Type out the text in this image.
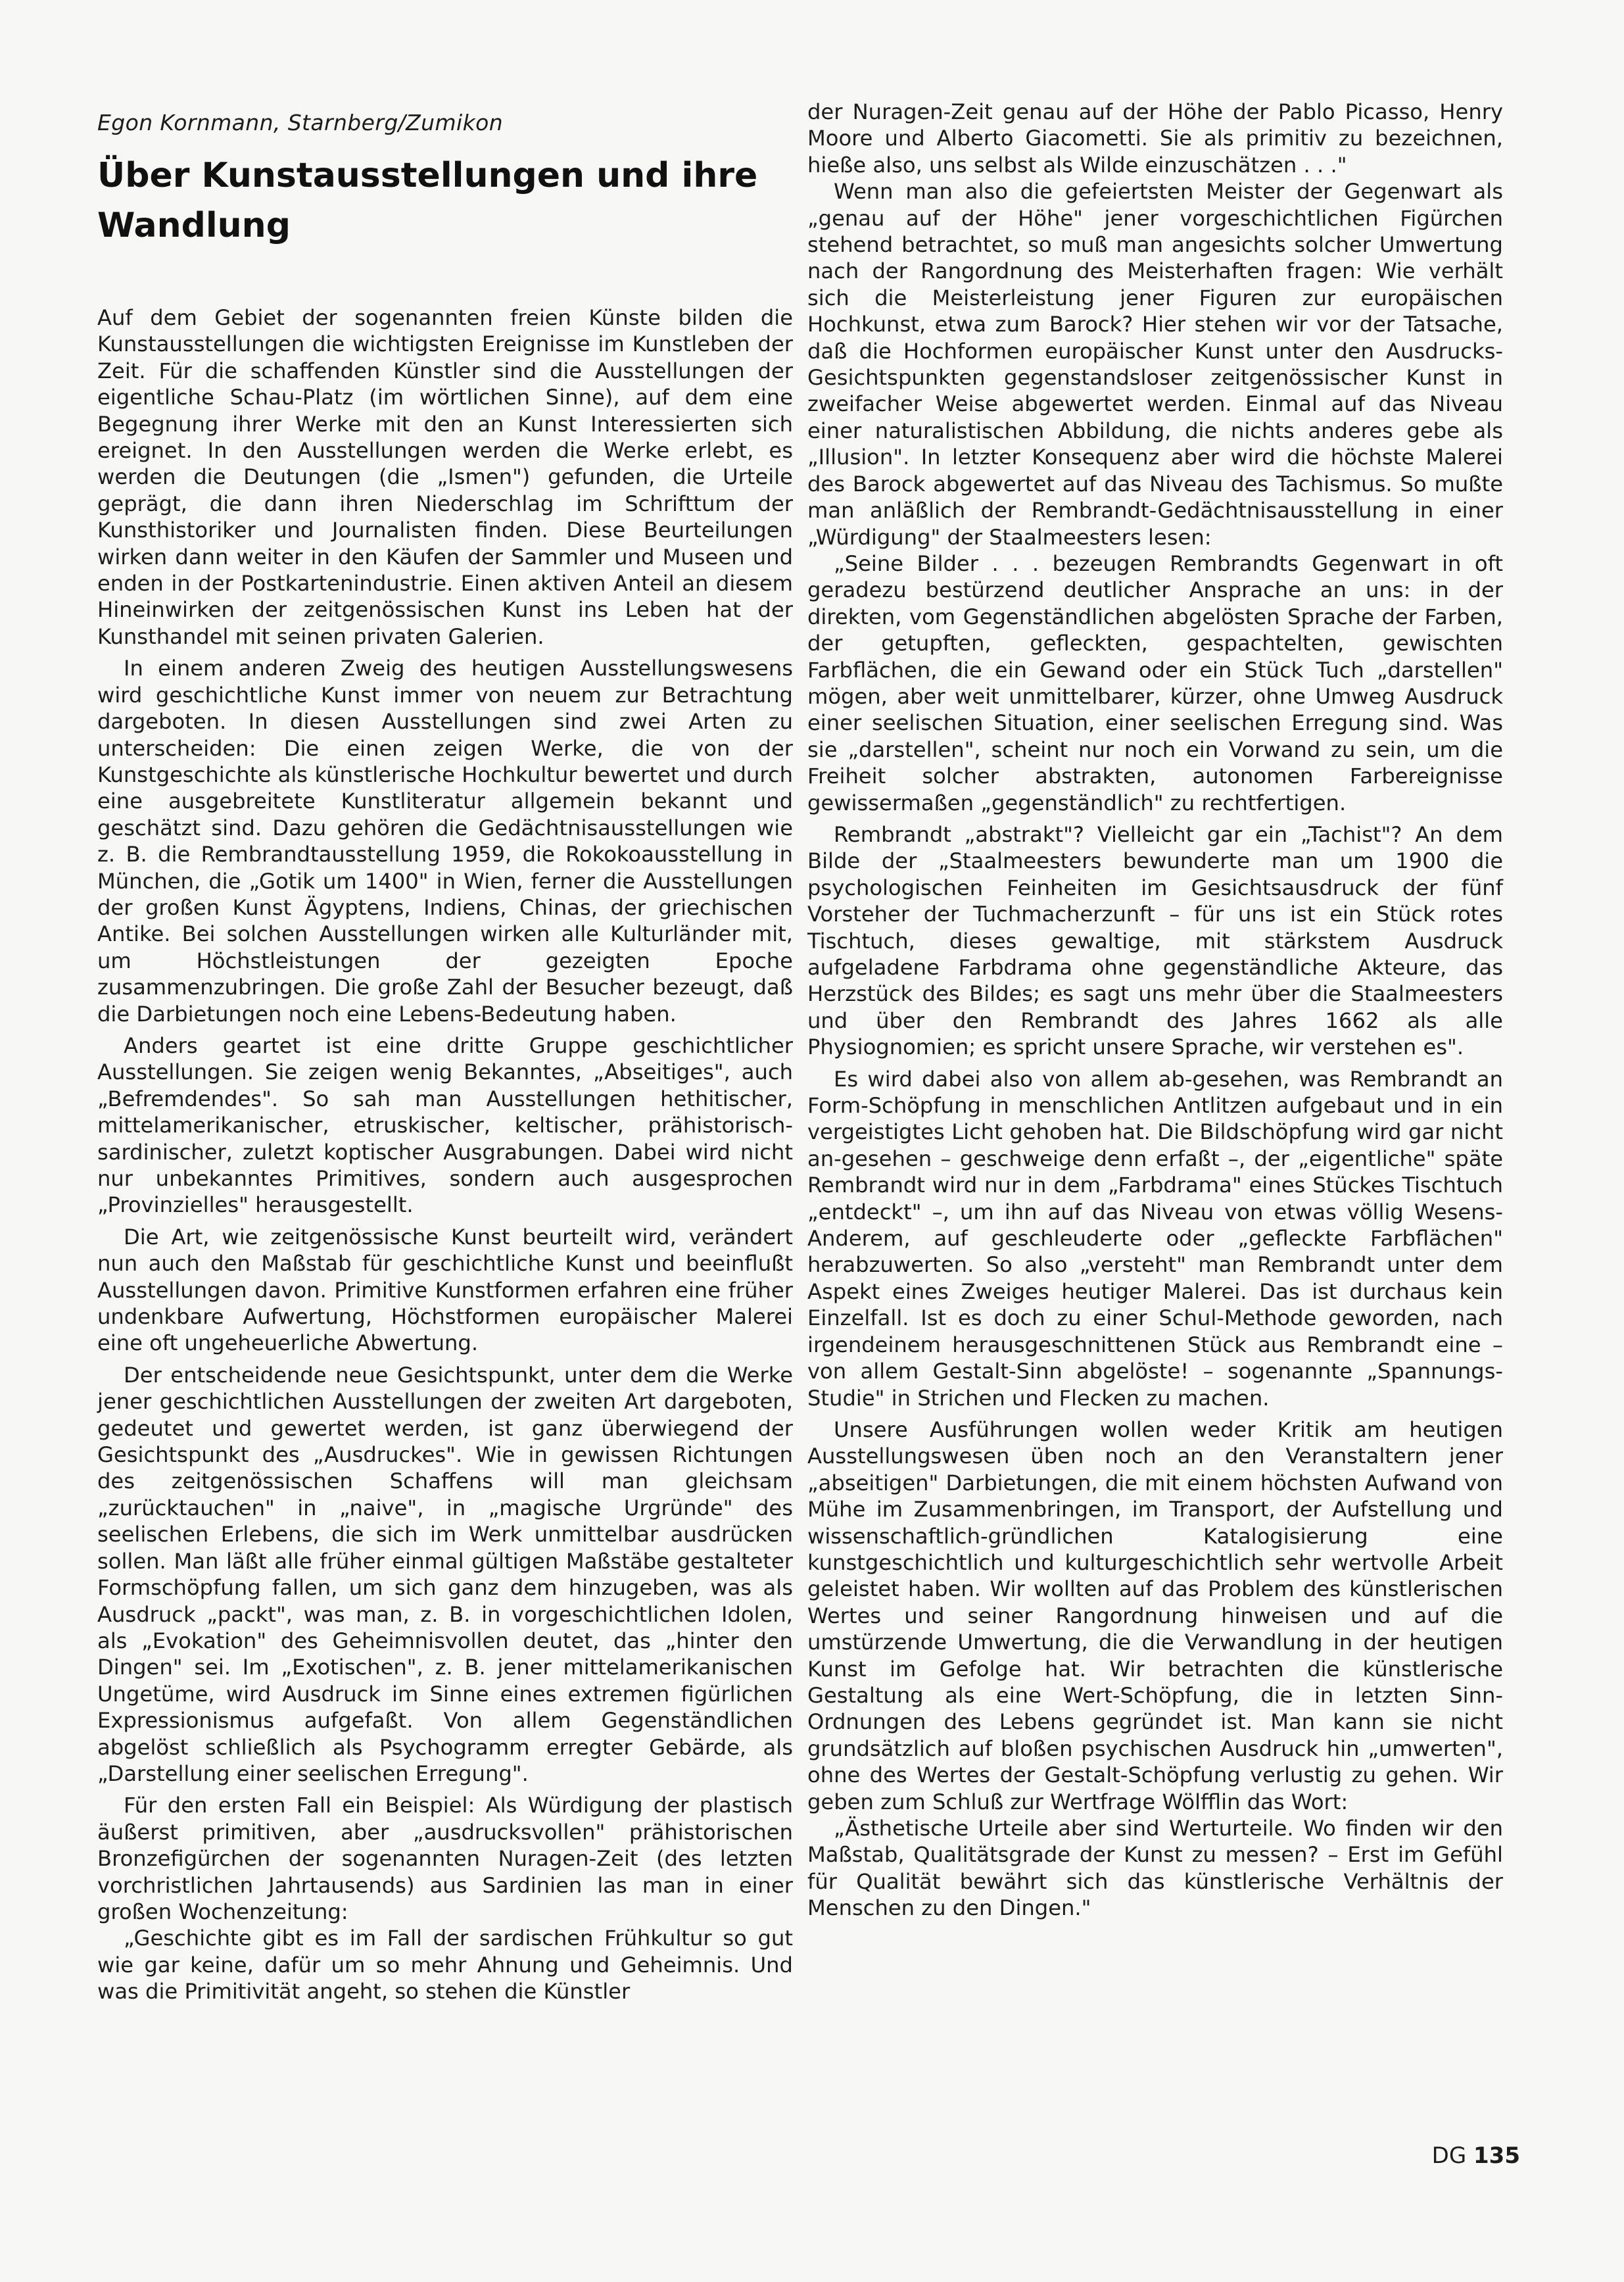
Egon Kornmann, Starnberg/Zumikon
Über Kunstausstellungen und ihre Wandlung

Auf dem Gebiet der sogenannten freien Künste bilden die Kunstausstellungen die wichtigsten Ereignisse im Kunstleben der Zeit. Für die schaffenden Künstler sind die Ausstellungen der eigentliche Schau-Platz (im wörtlichen Sinne), auf dem eine Begegnung ihrer Werke mit den an Kunst Interessierten sich ereignet. In den Ausstellungen werden die Werke erlebt, es werden die Deutungen (die „Ismen") gefunden, die Urteile geprägt, die dann ihren Niederschlag im Schrifttum der Kunsthistoriker und Journalisten finden. Diese Beurteilungen wirken dann weiter in den Käufen der Sammler und Museen und enden in der Postkartenindustrie. Einen aktiven Anteil an diesem Hineinwirken der zeitgenössischen Kunst ins Leben hat der Kunsthandel mit seinen privaten Galerien.

In einem anderen Zweig des heutigen Ausstellungswesens wird geschichtliche Kunst immer von neuem zur Betrachtung dargeboten. In diesen Ausstellungen sind zwei Arten zu unterscheiden: Die einen zeigen Werke, die von der Kunstgeschichte als künstlerische Hochkultur bewertet und durch eine ausgebreitete Kunstliteratur allgemein bekannt und geschätzt sind. Dazu gehören die Gedächtnisausstellungen wie z. B. die Rembrandtausstellung 1959, die Rokokoausstellung in München, die „Gotik um 1400" in Wien, ferner die Ausstellungen der großen Kunst Ägyptens, Indiens, Chinas, der griechischen Antike. Bei solchen Ausstellungen wirken alle Kulturländer mit, um Höchstleistungen der gezeigten Epoche zusammenzubringen. Die große Zahl der Besucher bezeugt, daß die Darbietungen noch eine Lebens-Bedeutung haben.

Anders geartet ist eine dritte Gruppe geschichtlicher Ausstellungen. Sie zeigen wenig Bekanntes, „Abseitiges", auch „Befremdendes". So sah man Ausstellungen hethitischer, mittelamerikanischer, etruskischer, keltischer, prähistorisch-sardinischer, zuletzt koptischer Ausgrabungen. Dabei wird nicht nur unbekanntes Primitives, sondern auch ausgesprochen „Provinzielles" herausgestellt.

Die Art, wie zeitgenössische Kunst beurteilt wird, verändert nun auch den Maßstab für geschichtliche Kunst und beeinflußt Ausstellungen davon. Primitive Kunstformen erfahren eine früher undenkbare Aufwertung, Höchstformen europäischer Malerei eine oft ungeheuerliche Abwertung.

Der entscheidende neue Gesichtspunkt, unter dem die Werke jener geschichtlichen Ausstellungen der zweiten Art dargeboten, gedeutet und gewertet werden, ist ganz überwiegend der Gesichtspunkt des „Ausdruckes". Wie in gewissen Richtungen des zeitgenössischen Schaffens will man gleichsam „zurücktauchen" in „naive", in „magische Urgründe" des seelischen Erlebens, die sich im Werk unmittelbar ausdrücken sollen. Man läßt alle früher einmal gültigen Maßstäbe gestalteter Formschöpfung fallen, um sich ganz dem hinzugeben, was als Ausdruck „packt", was man, z. B. in vorgeschichtlichen Idolen, als „Evokation" des Geheimnisvollen deutet, das „hinter den Dingen" sei. Im „Exotischen", z. B. jener mittelamerikanischen Ungetüme, wird Ausdruck im Sinne eines extremen figürlichen Expressionismus aufgefaßt. Von allem Gegenständlichen abgelöst schließlich als Psychogramm erregter Gebärde, als „Darstellung einer seelischen Erregung".

Für den ersten Fall ein Beispiel: Als Würdigung der plastisch äußerst primitiven, aber „ausdrucksvollen" prähistorischen Bronzefigürchen der sogenannten Nuragen-Zeit (des letzten vorchristlichen Jahrtausends) aus Sardinien las man in einer großen Wochenzeitung:

„Geschichte gibt es im Fall der sardischen Frühkultur so gut wie gar keine, dafür um so mehr Ahnung und Geheimnis. Und was die Primitivität angeht, so stehen die Künstler

der Nuragen-Zeit genau auf der Höhe der Pablo Picasso, Henry Moore und Alberto Giacometti. Sie als primitiv zu bezeichnen, hieße also, uns selbst als Wilde einzuschätzen . . ."

Wenn man also die gefeiertsten Meister der Gegenwart als „genau auf der Höhe" jener vorgeschichtlichen Figürchen stehend betrachtet, so muß man angesichts solcher Umwertung nach der Rangordnung des Meisterhaften fragen: Wie verhält sich die Meisterleistung jener Figuren zur europäischen Hochkunst, etwa zum Barock? Hier stehen wir vor der Tatsache, daß die Hochformen europäischer Kunst unter den Ausdrucks-Gesichtspunkten gegenstandsloser zeitgenössischer Kunst in zweifacher Weise abgewertet werden. Einmal auf das Niveau einer naturalistischen Abbildung, die nichts anderes gebe als „Illusion". In letzter Konsequenz aber wird die höchste Malerei des Barock abgewertet auf das Niveau des Tachismus. So mußte man anläßlich der Rembrandt-Gedächtnisausstellung in einer „Würdigung" der Staalmeesters lesen:

„Seine Bilder . . . bezeugen Rembrandts Gegenwart in oft geradezu bestürzend deutlicher Ansprache an uns: in der direkten, vom Gegenständlichen abgelösten Sprache der Farben, der getupften, gefleckten, gespachtelten, gewischten Farbflächen, die ein Gewand oder ein Stück Tuch „darstellen" mögen, aber weit unmittelbarer, kürzer, ohne Umweg Ausdruck einer seelischen Situation, einer seelischen Erregung sind. Was sie „darstellen", scheint nur noch ein Vorwand zu sein, um die Freiheit solcher abstrakten, autonomen Farbereignisse gewissermaßen „gegenständlich" zu rechtfertigen.

Rembrandt „abstrakt"? Vielleicht gar ein „Tachist"? An dem Bilde der „Staalmeesters bewunderte man um 1900 die psychologischen Feinheiten im Gesichtsausdruck der fünf Vorsteher der Tuchmacherzunft – für uns ist ein Stück rotes Tischtuch, dieses gewaltige, mit stärkstem Ausdruck aufgeladene Farbdrama ohne gegenständliche Akteure, das Herzstück des Bildes; es sagt uns mehr über die Staalmeesters und über den Rembrandt des Jahres 1662 als alle Physiognomien; es spricht unsere Sprache, wir verstehen es".

Es wird dabei also von allem ab-gesehen, was Rembrandt an Form-Schöpfung in menschlichen Antlitzen aufgebaut und in ein vergeistigtes Licht gehoben hat. Die Bildschöpfung wird gar nicht an-gesehen – geschweige denn erfaßt –, der „eigentliche" späte Rembrandt wird nur in dem „Farbdrama" eines Stückes Tischtuch „entdeckt" –, um ihn auf das Niveau von etwas völlig Wesens-Anderem, auf geschleuderte oder „gefleckte Farbflächen" herabzuwerten. So also „versteht" man Rembrandt unter dem Aspekt eines Zweiges heutiger Malerei. Das ist durchaus kein Einzelfall. Ist es doch zu einer Schul-Methode geworden, nach irgendeinem herausgeschnittenen Stück aus Rembrandt eine – von allem Gestalt-Sinn abgelöste! – sogenannte „Spannungs-Studie" in Strichen und Flecken zu machen.

Unsere Ausführungen wollen weder Kritik am heutigen Ausstellungswesen üben noch an den Veranstaltern jener „abseitigen" Darbietungen, die mit einem höchsten Aufwand von Mühe im Zusammenbringen, im Transport, der Aufstellung und wissenschaftlich-gründlichen Katalogisierung eine kunstgeschichtlich und kulturgeschichtlich sehr wertvolle Arbeit geleistet haben. Wir wollten auf das Problem des künstlerischen Wertes und seiner Rangordnung hinweisen und auf die umstürzende Umwertung, die die Verwandlung in der heutigen Kunst im Gefolge hat. Wir betrachten die künstlerische Gestaltung als eine Wert-Schöpfung, die in letzten Sinn-Ordnungen des Lebens gegründet ist. Man kann sie nicht grundsätzlich auf bloßen psychischen Ausdruck hin „umwerten", ohne des Wertes der Gestalt-Schöpfung verlustig zu gehen. Wir geben zum Schluß zur Wertfrage Wölfflin das Wort:

„Ästhetische Urteile aber sind Werturteile. Wo finden wir den Maßstab, Qualitätsgrade der Kunst zu messen? – Erst im Gefühl für Qualität bewährt sich das künstlerische Verhältnis der Menschen zu den Dingen."

DG 135
